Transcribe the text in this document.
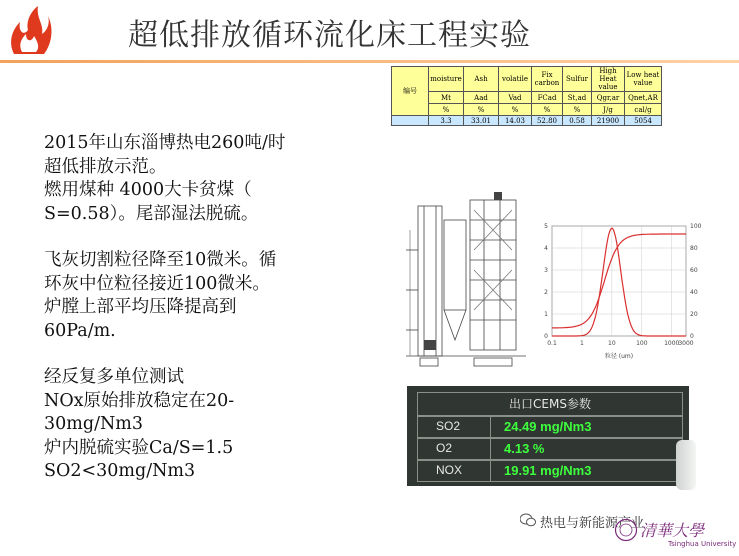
超低排放循环流化床工程实验
2015年山东淄博热电260吨/时
超低排放示范。
燃用煤种 4000大卡贫煤（
S=0.58）。尾部湿法脱硫。
飞灰切割粒径降至10微米。循
环灰中位粒径接近100微米。
炉膛上部平均压降提高到
60Pa/m.
经反复多单位测试
NOx原始排放稳定在20-
30mg/Nm3
炉内脱硫实验Ca/S=1.5
SO2<30mg/Nm3
编号	moisture	Ash	volatile	Fix carbon	Sulfur	High Heat value	Low heat value
	Mt	Aad	Vad	FCad	St,ad	Qgr,ar	Qnet,AR
	%	%	%	%	%	J/g	cal/g
	3.3	33.01	14.03	52.80	0.58	21900	5054
0.1	1	10	100	1000
3000
0
1
2
3
4
5
0
20
40
60
80
100
粒径 (um)
出口CEMS参数
SO2	24.49 mg/Nm3
O2	4.13 %
NOX	19.91 mg/Nm3
热电与新能源产业
清華大學
Tsinghua University
